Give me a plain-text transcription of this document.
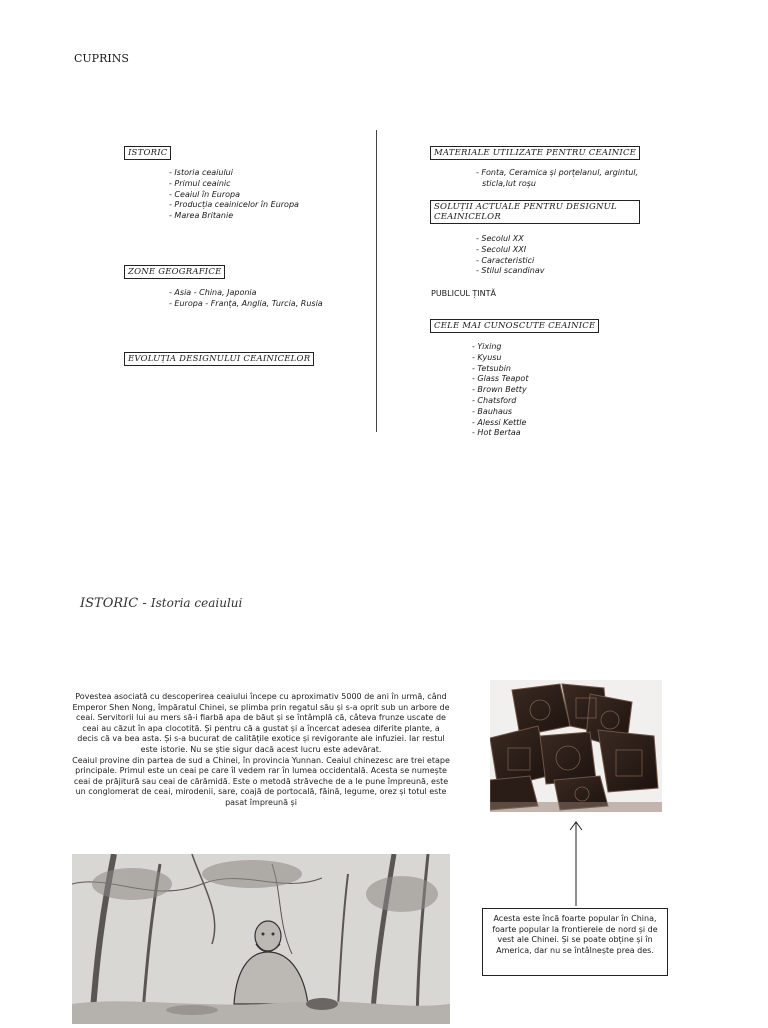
CUPRINS
ISTORIC
- Istoria ceaiului
- Primul ceainic
- Ceaiul în Europa
- Producția ceainicelor în Europa
- Marea Britanie
ZONE GEOGRAFICE
- Asia - China, Japonia
- Europa - Franța, Anglia, Turcia, Rusia
EVOLUȚIA DESIGNULUI CEAINICELOR
MATERIALE UTILIZATE PENTRU CEAINICE
- Fonta, Ceramica și porțelanul, argintul,
sticla,lut roșu
SOLUȚII ACTUALE PENTRU DESIGNUL CEAINICELOR
- Secolul XX
- Secolul XXI
- Caracteristici
- Stilul scandinav
PUBLICUL ȚINTĂ
CELE MAI CUNOSCUTE CEAINICE
- Yixing
- Kyusu
- Tetsubin
- Glass Teapot
- Brown Betty
- Chatsford
- Bauhaus
- Alessi Kettle
- Hot Bertaa
ISTORIC - Istoria ceaiului

Povestea asociată cu descoperirea ceaiului începe cu aproximativ 5000 de ani în urmă, când Emperor Shen Nong, împăratul Chinei, se plimba prin regatul său și s-a oprit sub un arbore de ceai. Servitorii lui au mers să-i fiarbă apa de băut și se întâmplă că, câteva frunze uscate de ceai au căzut în apa clocotită. Și pentru că a gustat și a încercat adesea diferite plante, a decis că va bea asta. Și s-a bucurat de calitățile exotice și revigorante ale infuziei. Iar restul este istorie. Nu se știe sigur dacă acest lucru este adevărat.

Ceaiul provine din partea de sud a Chinei, în provincia Yunnan. Ceaiul chinezesc are trei etape principale. Primul este un ceai pe care îl vedem rar în lumea occidentală. Acesta se numește ceai de prăjitură sau ceai de cărămidă. Este o metodă străveche de a le pune împreună, este un conglomerat de ceai, mirodenii, sare, coajă de portocală, făină, legume, orez și totul este pasat împreună și

Acesta este încă foarte popular în China, foarte popular la frontierele de nord și de vest ale Chinei. Și se poate obține și în America, dar nu se întâlnește prea des.
